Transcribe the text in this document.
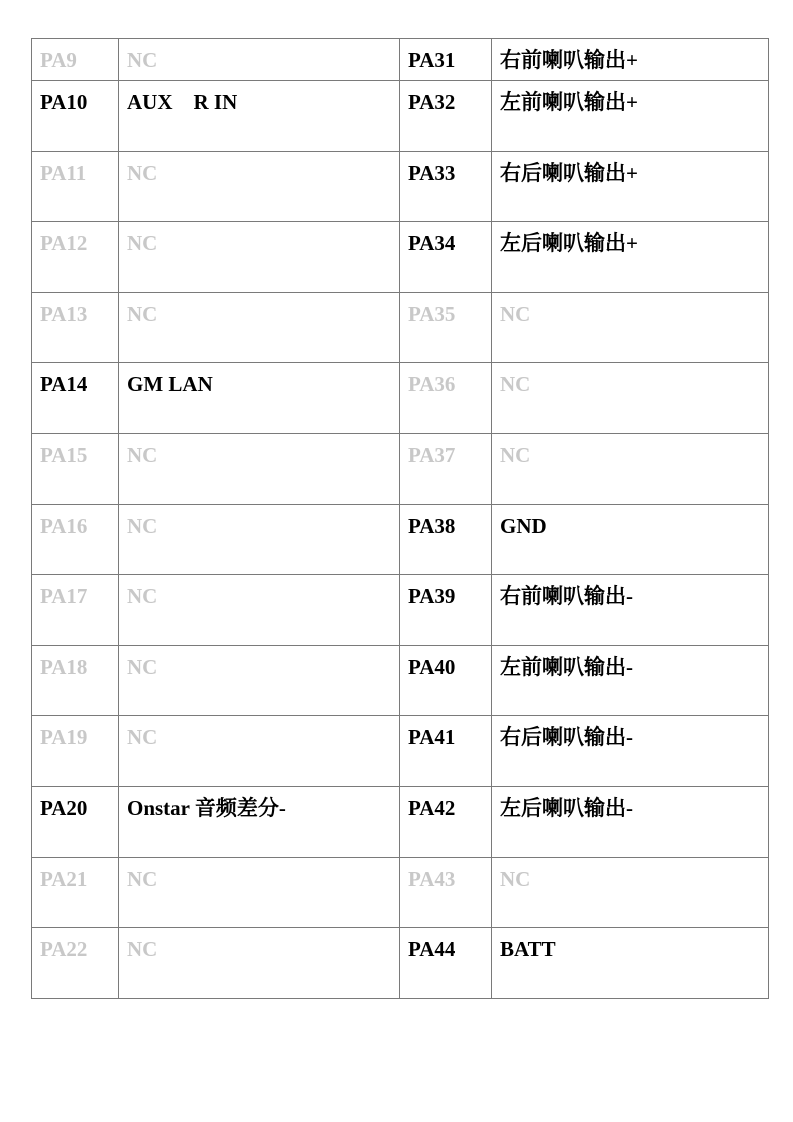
PA9	NC	PA31	右前喇叭输出+
PA10	AUX    R IN	PA32	左前喇叭输出+
PA11	NC	PA33	右后喇叭输出+
PA12	NC	PA34	左后喇叭输出+
PA13	NC	PA35	NC
PA14	GM LAN	PA36	NC
PA15	NC	PA37	NC
PA16	NC	PA38	GND
PA17	NC	PA39	右前喇叭输出-
PA18	NC	PA40	左前喇叭输出-
PA19	NC	PA41	右后喇叭输出-
PA20	Onstar 音频差分-	PA42	左后喇叭输出-
PA21	NC	PA43	NC
PA22	NC	PA44	BATT
